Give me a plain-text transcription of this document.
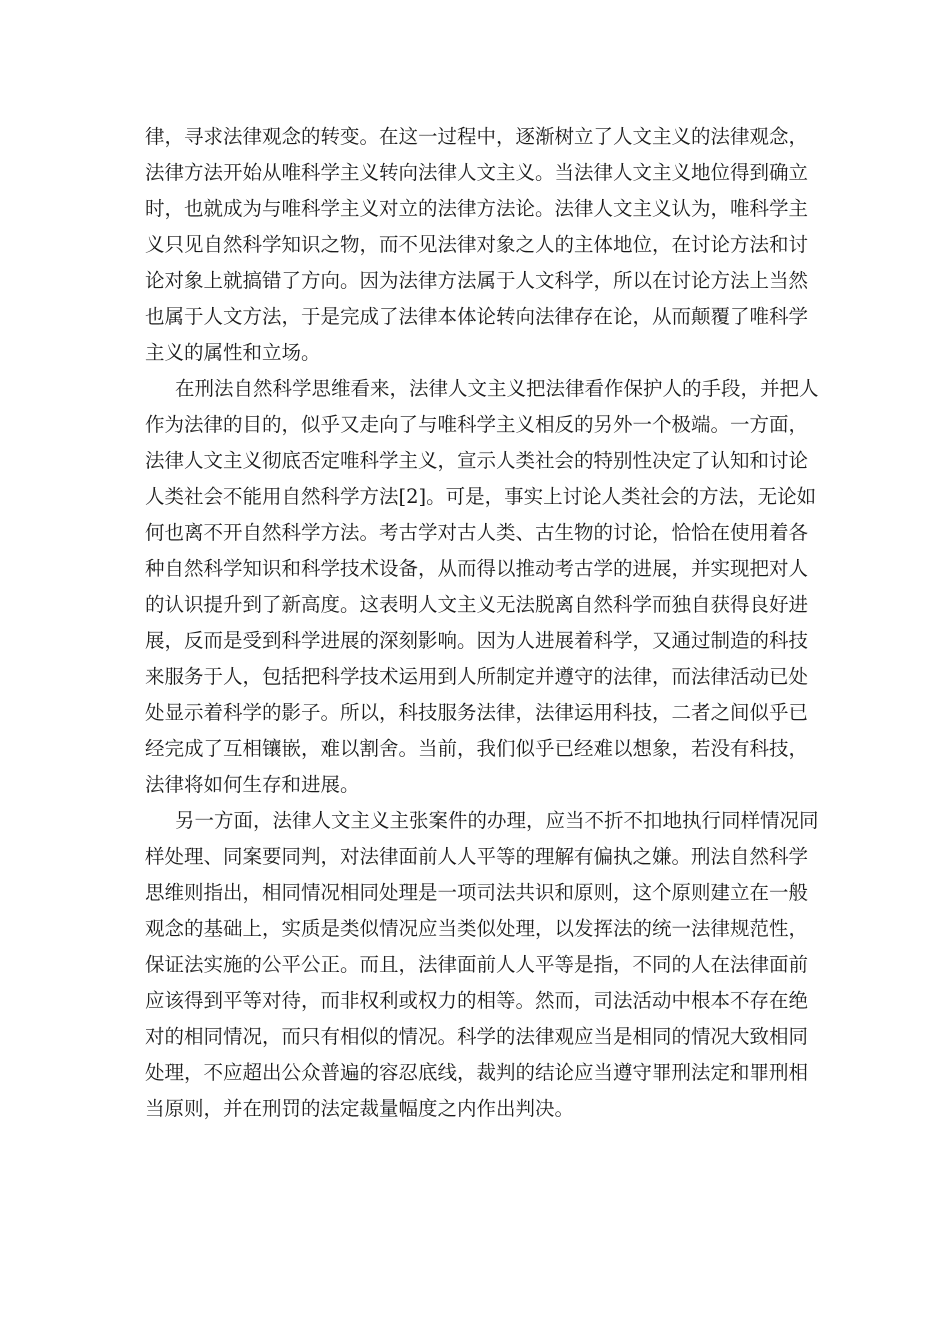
律，寻求法律观念的转变。在这一过程中，逐渐树立了人文主义的法律观念，
法律方法开始从唯科学主义转向法律人文主义。当法律人文主义地位得到确立
时，也就成为与唯科学主义对立的法律方法论。法律人文主义认为，唯科学主
义只见自然科学知识之物，而不见法律对象之人的主体地位，在讨论方法和讨
论对象上就搞错了方向。因为法律方法属于人文科学，所以在讨论方法上当然
也属于人文方法，于是完成了法律本体论转向法律存在论，从而颠覆了唯科学
主义的属性和立场。
在刑法自然科学思维看来，法律人文主义把法律看作保护人的手段，并把人
作为法律的目的，似乎又走向了与唯科学主义相反的另外一个极端。一方面，
法律人文主义彻底否定唯科学主义，宣示人类社会的特别性决定了认知和讨论
人类社会不能用自然科学方法[2]。可是，事实上讨论人类社会的方法，无论如
何也离不开自然科学方法。考古学对古人类、古生物的讨论，恰恰在使用着各
种自然科学知识和科学技术设备，从而得以推动考古学的进展，并实现把对人
的认识提升到了新高度。这表明人文主义无法脱离自然科学而独自获得良好进
展，反而是受到科学进展的深刻影响。因为人进展着科学，又通过制造的科技
来服务于人，包括把科学技术运用到人所制定并遵守的法律，而法律活动已处
处显示着科学的影子。所以，科技服务法律，法律运用科技，二者之间似乎已
经完成了互相镶嵌，难以割舍。当前，我们似乎已经难以想象，若没有科技，
法律将如何生存和进展。
另一方面，法律人文主义主张案件的办理，应当不折不扣地执行同样情况同
样处理、同案要同判，对法律面前人人平等的理解有偏执之嫌。刑法自然科学
思维则指出，相同情况相同处理是一项司法共识和原则，这个原则建立在一般
观念的基础上，实质是类似情况应当类似处理，以发挥法的统一法律规范性，
保证法实施的公平公正。而且，法律面前人人平等是指，不同的人在法律面前
应该得到平等对待，而非权利或权力的相等。然而，司法活动中根本不存在绝
对的相同情况，而只有相似的情况。科学的法律观应当是相同的情况大致相同
处理，不应超出公众普遍的容忍底线，裁判的结论应当遵守罪刑法定和罪刑相
当原则，并在刑罚的法定裁量幅度之内作出判决。
